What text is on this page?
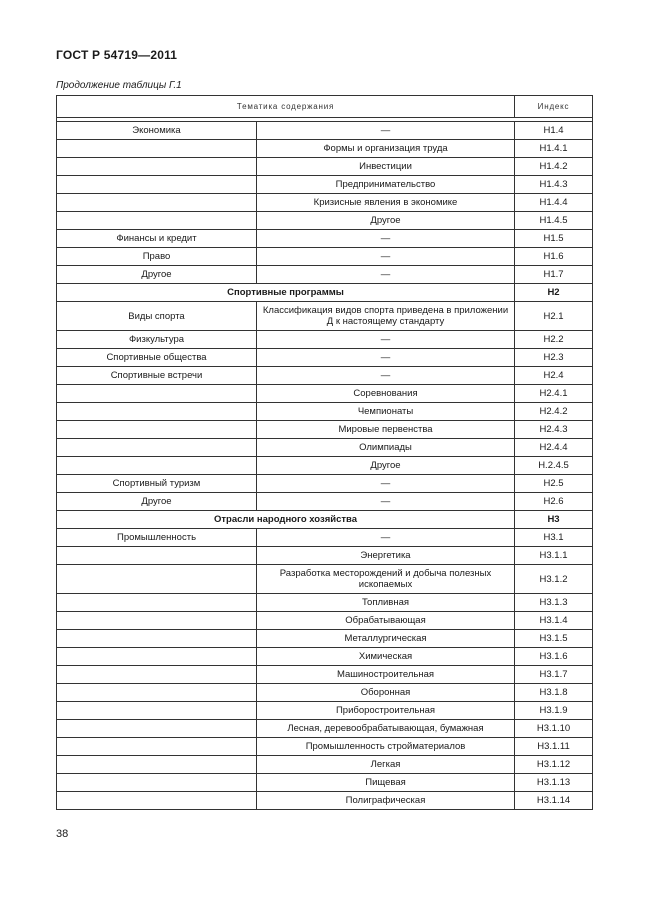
ГОСТ Р 54719—2011
Продолжение таблицы Г.1
Тематика содержания		Индекс

Экономика	—	Н1.4
	Формы и организация труда	Н1.4.1
	Инвестиции	Н1.4.2
	Предпринимательство	Н1.4.3
	Кризисные явления в экономике	Н1.4.4
	Другое	Н1.4.5
Финансы и кредит	—	Н1.5
Право	—	Н1.6
Другое	—	Н1.7
Спортивные программы		Н2
Виды спорта	Классификация видов спорта приведена в приложении Д к настоящему стандарту	Н2.1
Физкультура	—	Н2.2
Спортивные общества	—	Н2.3
Спортивные встречи	—	Н2.4
	Соревнования	Н2.4.1
	Чемпионаты	Н2.4.2
	Мировые первенства	Н2.4.3
	Олимпиады	Н2.4.4
	Другое	Н.2.4.5
Спортивный туризм	—	Н2.5
Другое	—	Н2.6
Отрасли народного хозяйства		Н3
Промышленность	—	Н3.1
	Энергетика	Н3.1.1
	Разработка месторождений и добыча полезных ископаемых	Н3.1.2
	Топливная	Н3.1.3
	Обрабатывающая	Н3.1.4
	Металлургическая	Н3.1.5
	Химическая	Н3.1.6
	Машиностроительная	Н3.1.7
	Оборонная	Н3.1.8
	Приборостроительная	Н3.1.9
	Лесная, деревообрабатывающая, бумажная	Н3.1.10
	Промышленность стройматериалов	Н3.1.11
	Легкая	Н3.1.12
	Пищевая	Н3.1.13
	Полиграфическая	Н3.1.14
38
